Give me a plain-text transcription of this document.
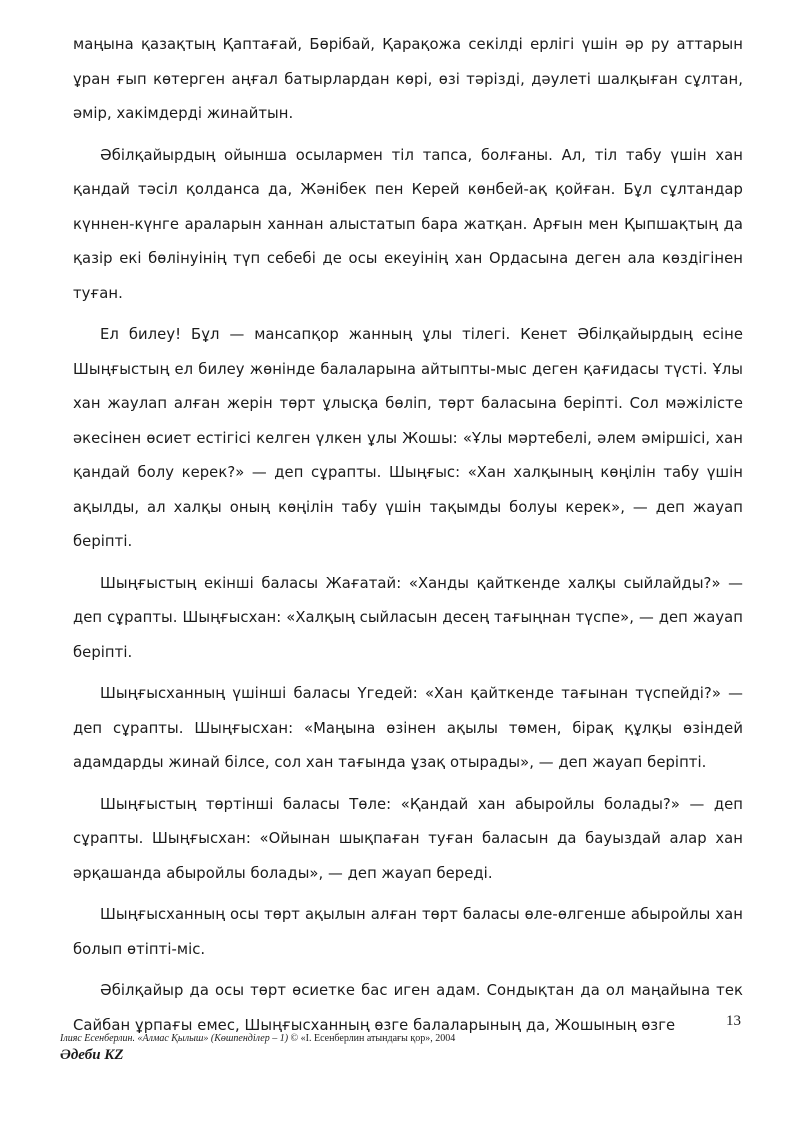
маңына қазақтың Қаптағай, Бөрібай, Қарақожа секілді ерлігі үшін әр ру аттарын ұран ғып көтерген аңғал батырлардан көрі, өзі тәрізді, дәулеті шалқыған сұлтан, әмір, хакімдерді жинайтын.

Әбілқайырдың ойынша осылармен тіл тапса, болғаны. Ал, тіл табу үшін хан қандай тәсіл қолданса да, Жәнібек пен Керей көнбей-ақ қойған. Бұл сұлтандар күннен-күнге араларын ханнан алыстатып бара жатқан. Арғын мен Қыпшақтың да қазір екі бөлінуінің түп себебі де осы екеуінің хан Ордасына деген ала көздігінен туған.

Ел билеу! Бұл — мансапқор жанның ұлы тілегі. Кенет Әбілқайырдың есіне Шыңғыстың ел билеу жөнінде балаларына айтыпты-мыс деген қағидасы түсті. Ұлы хан жаулап алған жерін төрт ұлысқа бөліп, төрт баласына беріпті. Сол мәжілісте әкесінен өсиет естігісі келген үлкен ұлы Жошы: «Ұлы мәртебелі, әлем әміршісі, хан қандай болу керек?» — деп сұрапты. Шыңғыс: «Хан халқының көңілін табу үшін ақылды, ал халқы оның көңілін табу үшін тақымды болуы керек», — деп жауап беріпті.

Шыңғыстың екінші баласы Жағатай: «Ханды қайткенде халқы сыйлайды?» — деп сұрапты. Шыңғысхан: «Халқың сыйласын десең тағыңнан түспе», — деп жауап беріпті.

Шыңғысханның үшінші баласы Үгедей: «Хан қайткенде тағынан түспейді?» — деп сұрапты. Шыңғысхан: «Маңына өзінен ақылы төмен, бірақ құлқы өзіндей адамдарды жинай білсе, сол хан тағында ұзақ отырады», — деп жауап беріпті.

Шыңғыстың төртінші баласы Төле: «Қандай хан абыройлы болады?» — деп сұрапты. Шыңғысхан: «Ойынан шықпаған туған баласын да бауыздай алар хан әрқашанда абыройлы болады», — деп жауап береді.

Шыңғысханның осы төрт ақылын алған төрт баласы өле-өлгенше абыройлы хан болып өтіпті-міс.

Әбілқайыр да осы төрт өсиетке бас иген адам. Сондықтан да ол маңайына тек Сайбан ұрпағы емес, Шыңғысханның өзге балаларының да, Жошының өзге	13
Ілияс Есенберлин. «Алмас Қылыш» (Көшпенділер – 1) © «І. Есенберлин атындағы қор», 2004
Әдеби KZ
